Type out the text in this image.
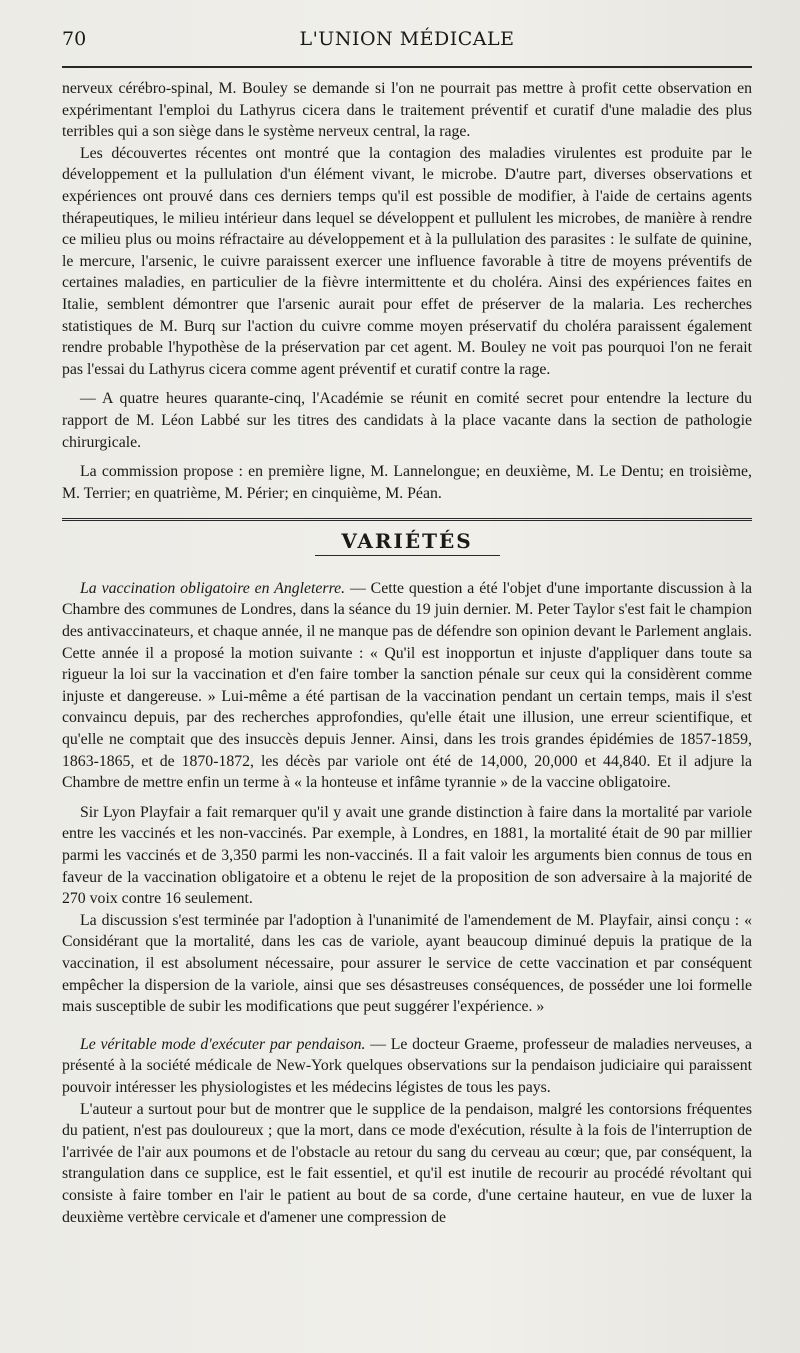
70	L'UNION MÉDICALE

nerveux cérébro-spinal, M. Bouley se demande si l'on ne pourrait pas mettre à profit cette observation en expérimentant l'emploi du Lathyrus cicera dans le traitement préventif et curatif d'une maladie des plus terribles qui a son siège dans le système nerveux central, la rage.

Les découvertes récentes ont montré que la contagion des maladies virulentes est produite par le développement et la pullulation d'un élément vivant, le microbe. D'autre part, diverses observations et expériences ont prouvé dans ces derniers temps qu'il est possible de modifier, à l'aide de certains agents thérapeutiques, le milieu intérieur dans lequel se développent et pullulent les microbes, de manière à rendre ce milieu plus ou moins réfractaire au développement et à la pullulation des parasites : le sulfate de quinine, le mercure, l'arsenic, le cuivre paraissent exercer une influence favorable à titre de moyens préventifs de certaines maladies, en particulier de la fièvre intermittente et du choléra. Ainsi des expériences faites en Italie, semblent démontrer que l'arsenic aurait pour effet de préserver de la malaria. Les recherches statistiques de M. Burq sur l'action du cuivre comme moyen préservatif du choléra paraissent également rendre probable l'hypothèse de la préservation par cet agent. M. Bouley ne voit pas pourquoi l'on ne ferait pas l'essai du Lathyrus cicera comme agent préventif et curatif contre la rage.

— A quatre heures quarante-cinq, l'Académie se réunit en comité secret pour entendre la lecture du rapport de M. Léon Labbé sur les titres des candidats à la place vacante dans la section de pathologie chirurgicale.

La commission propose : en première ligne, M. Lannelongue; en deuxième, M. Le Dentu; en troisième, M. Terrier; en quatrième, M. Périer; en cinquième, M. Péan.

VARIÉTÉS

La vaccination obligatoire en Angleterre. — Cette question a été l'objet d'une importante discussion à la Chambre des communes de Londres, dans la séance du 19 juin dernier. M. Peter Taylor s'est fait le champion des antivaccinateurs, et chaque année, il ne manque pas de défendre son opinion devant le Parlement anglais. Cette année il a proposé la motion suivante : « Qu'il est inopportun et injuste d'appliquer dans toute sa rigueur la loi sur la vaccination et d'en faire tomber la sanction pénale sur ceux qui la considèrent comme injuste et dangereuse. » Lui-même a été partisan de la vaccination pendant un certain temps, mais il s'est convaincu depuis, par des recherches approfondies, qu'elle était une illusion, une erreur scientifique, et qu'elle ne comptait que des insuccès depuis Jenner. Ainsi, dans les trois grandes épidémies de 1857-1859, 1863-1865, et de 1870-1872, les décès par variole ont été de 14,000, 20,000 et 44,840. Et il adjure la Chambre de mettre enfin un terme à « la honteuse et infâme tyrannie » de la vaccine obligatoire.

Sir Lyon Playfair a fait remarquer qu'il y avait une grande distinction à faire dans la mortalité par variole entre les vaccinés et les non-vaccinés. Par exemple, à Londres, en 1881, la mortalité était de 90 par millier parmi les vaccinés et de 3,350 parmi les non-vaccinés. Il a fait valoir les arguments bien connus de tous en faveur de la vaccination obligatoire et a obtenu le rejet de la proposition de son adversaire à la majorité de 270 voix contre 16 seulement.

La discussion s'est terminée par l'adoption à l'unanimité de l'amendement de M. Playfair, ainsi conçu : « Considérant que la mortalité, dans les cas de variole, ayant beaucoup diminué depuis la pratique de la vaccination, il est absolument nécessaire, pour assurer le service de cette vaccination et par conséquent empêcher la dispersion de la variole, ainsi que ses désastreuses conséquences, de posséder une loi formelle mais susceptible de subir les modifications que peut suggérer l'expérience. »

Le véritable mode d'exécuter par pendaison. — Le docteur Graeme, professeur de maladies nerveuses, a présenté à la société médicale de New-York quelques observations sur la pendaison judiciaire qui paraissent pouvoir intéresser les physiologistes et les médecins légistes de tous les pays.

L'auteur a surtout pour but de montrer que le supplice de la pendaison, malgré les contorsions fréquentes du patient, n'est pas douloureux ; que la mort, dans ce mode d'exécution, résulte à la fois de l'interruption de l'arrivée de l'air aux poumons et de l'obstacle au retour du sang du cerveau au cœur; que, par conséquent, la strangulation dans ce supplice, est le fait essentiel, et qu'il est inutile de recourir au procédé révoltant qui consiste à faire tomber en l'air le patient au bout de sa corde, d'une certaine hauteur, en vue de luxer la deuxième vertèbre cervicale et d'amener une compression de
